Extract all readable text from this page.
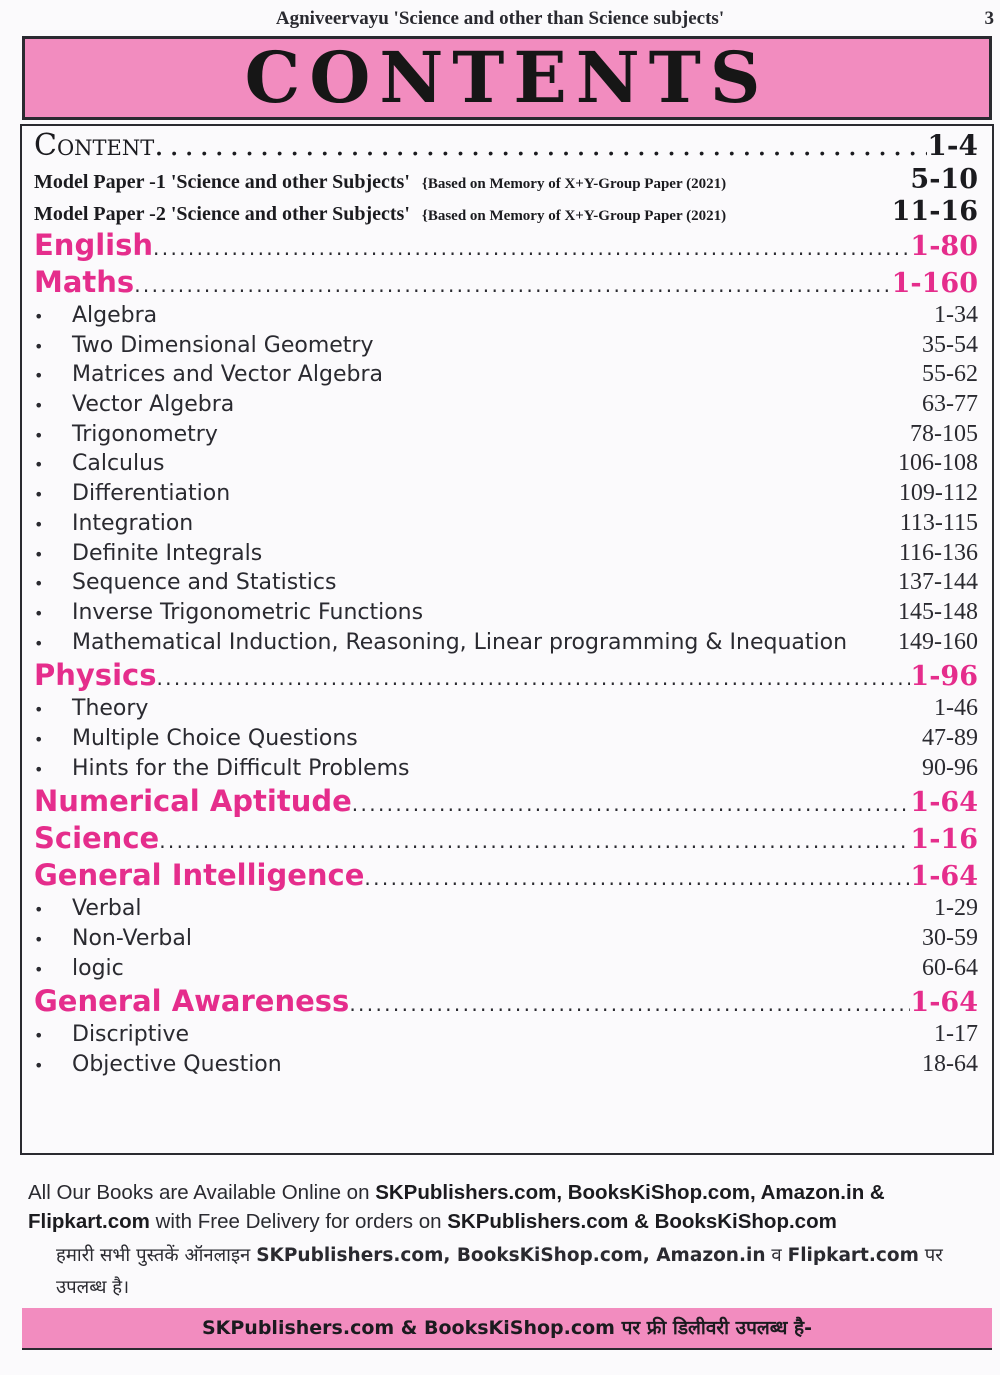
Agniveervayu 'Science and other than Science subjects'	3
CONTENTS
Content . . .	1-4
Model Paper -1 'Science and other Subjects' {Based on Memory of X+Y-Group Paper (2021)	5-10
Model Paper -2 'Science and other Subjects' {Based on Memory of X+Y-Group Paper (2021)	11-16
English . . .	1-80
Maths . . .	1-160
•	Algebra	1-34
•	Two Dimensional Geometry	35-54
•	Matrices and Vector Algebra	55-62
•	Vector Algebra	63-77
•	Trigonometry	78-105
•	Calculus	106-108
•	Differentiation	109-112
•	Integration	113-115
•	Definite Integrals	116-136
•	Sequence and Statistics	137-144
•	Inverse Trigonometric Functions	145-148
•	Mathematical Induction, Reasoning, Linear programming & Inequation	149-160
Physics . . .	1-96
•	Theory	1-46
•	Multiple Choice Questions	47-89
•	Hints for the Difficult Problems	90-96
Numerical Aptitude . . .	1-64
Science . . .	1-16
General Intelligence . . .	1-64
•	Verbal	1-29
•	Non-Verbal	30-59
•	logic	60-64
General Awareness . . .	1-64
•	Discriptive	1-17
•	Objective Question	18-64
All Our Books are Available Online on SKPublishers.com, BooksKiShop.com, Amazon.in & Flipkart.com with Free Delivery for orders on SKPublishers.com & BooksKiShop.com
हमारी सभी पुस्तकें ऑनलाइन SKPublishers.com, BooksKiShop.com, Amazon.in व Flipkart.com पर उपलब्ध है।
SKPublishers.com & BooksKiShop.com पर फ्री डिलीवरी उपलब्ध है-
